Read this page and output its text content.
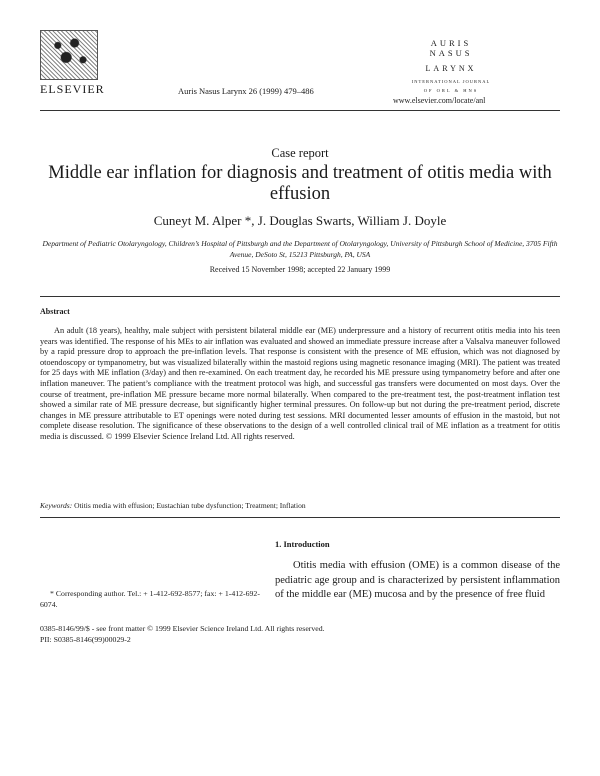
ELSEVIER	Auris Nasus Larynx 26 (1999) 479–486
AURIS NASUS
LARYNX
INTERNATIONAL JOURNAL
OF ORL & HNS
www.elsevier.com/locate/anl
Case report
Middle ear inflation for diagnosis and treatment of otitis media with effusion
Cuneyt M. Alper *, J. Douglas Swarts, William J. Doyle
Department of Pediatric Otolaryngology, Children’s Hospital of Pittsburgh and the Department of Otolaryngology, University of Pittsburgh School of Medicine, 3705 Fifth Avenue, DeSoto St, 15213 Pittsburgh, PA, USA
Received 15 November 1998; accepted 22 January 1999
Abstract
An adult (18 years), healthy, male subject with persistent bilateral middle ear (ME) underpressure and a history of recurrent otitis media into his teen years was identified. The response of his MEs to air inflation was evaluated and showed an immediate pressure increase after a Valsalva maneuver followed by a rapid pressure drop to approach the pre-inflation levels. That response is consistent with the presence of ME effusion, which was not diagnosed by otoendoscopy or tympanometry, but was visualized bilaterally within the mastoid regions using magnetic resonance imaging (MRI). The patient was treated for 25 days with ME inflation (3/day) and then re-examined. On each treatment day, he recorded his ME pressure using tympanometry before and after one inflation maneuver. The patient’s compliance with the treatment protocol was high, and successful gas transfers were documented on most days. Over the course of treatment, pre-inflation ME pressure became more normal bilaterally. When compared to the pre-treatment test, the post-treatment inflation test showed a similar rate of ME pressure decrease, but significantly higher terminal pressures. On follow-up but not during the pre-treatment period, discrete changes in ME pressure attributable to ET openings were noted during test sessions. MRI documented lesser amounts of effusion in the mastoid, but not complete disease resolution. The significance of these observations to the design of a well controlled clinical trail of ME inflation as a treatment for otitis media is discussed. © 1999 Elsevier Science Ireland Ltd. All rights reserved.
Keywords: Otitis media with effusion; Eustachian tube dysfunction; Treatment; Inflation
1. Introduction
Otitis media with effusion (OME) is a common disease of the pediatric age group and is characterized by persistent inflammation of the middle ear (ME) mucosa and by the presence of free fluid
* Corresponding author. Tel.: + 1-412-692-8577; fax: + 1-412-692-6074.
0385-8146/99/$ - see front matter © 1999 Elsevier Science Ireland Ltd. All rights reserved.
PII: S0385-8146(99)00029-2
